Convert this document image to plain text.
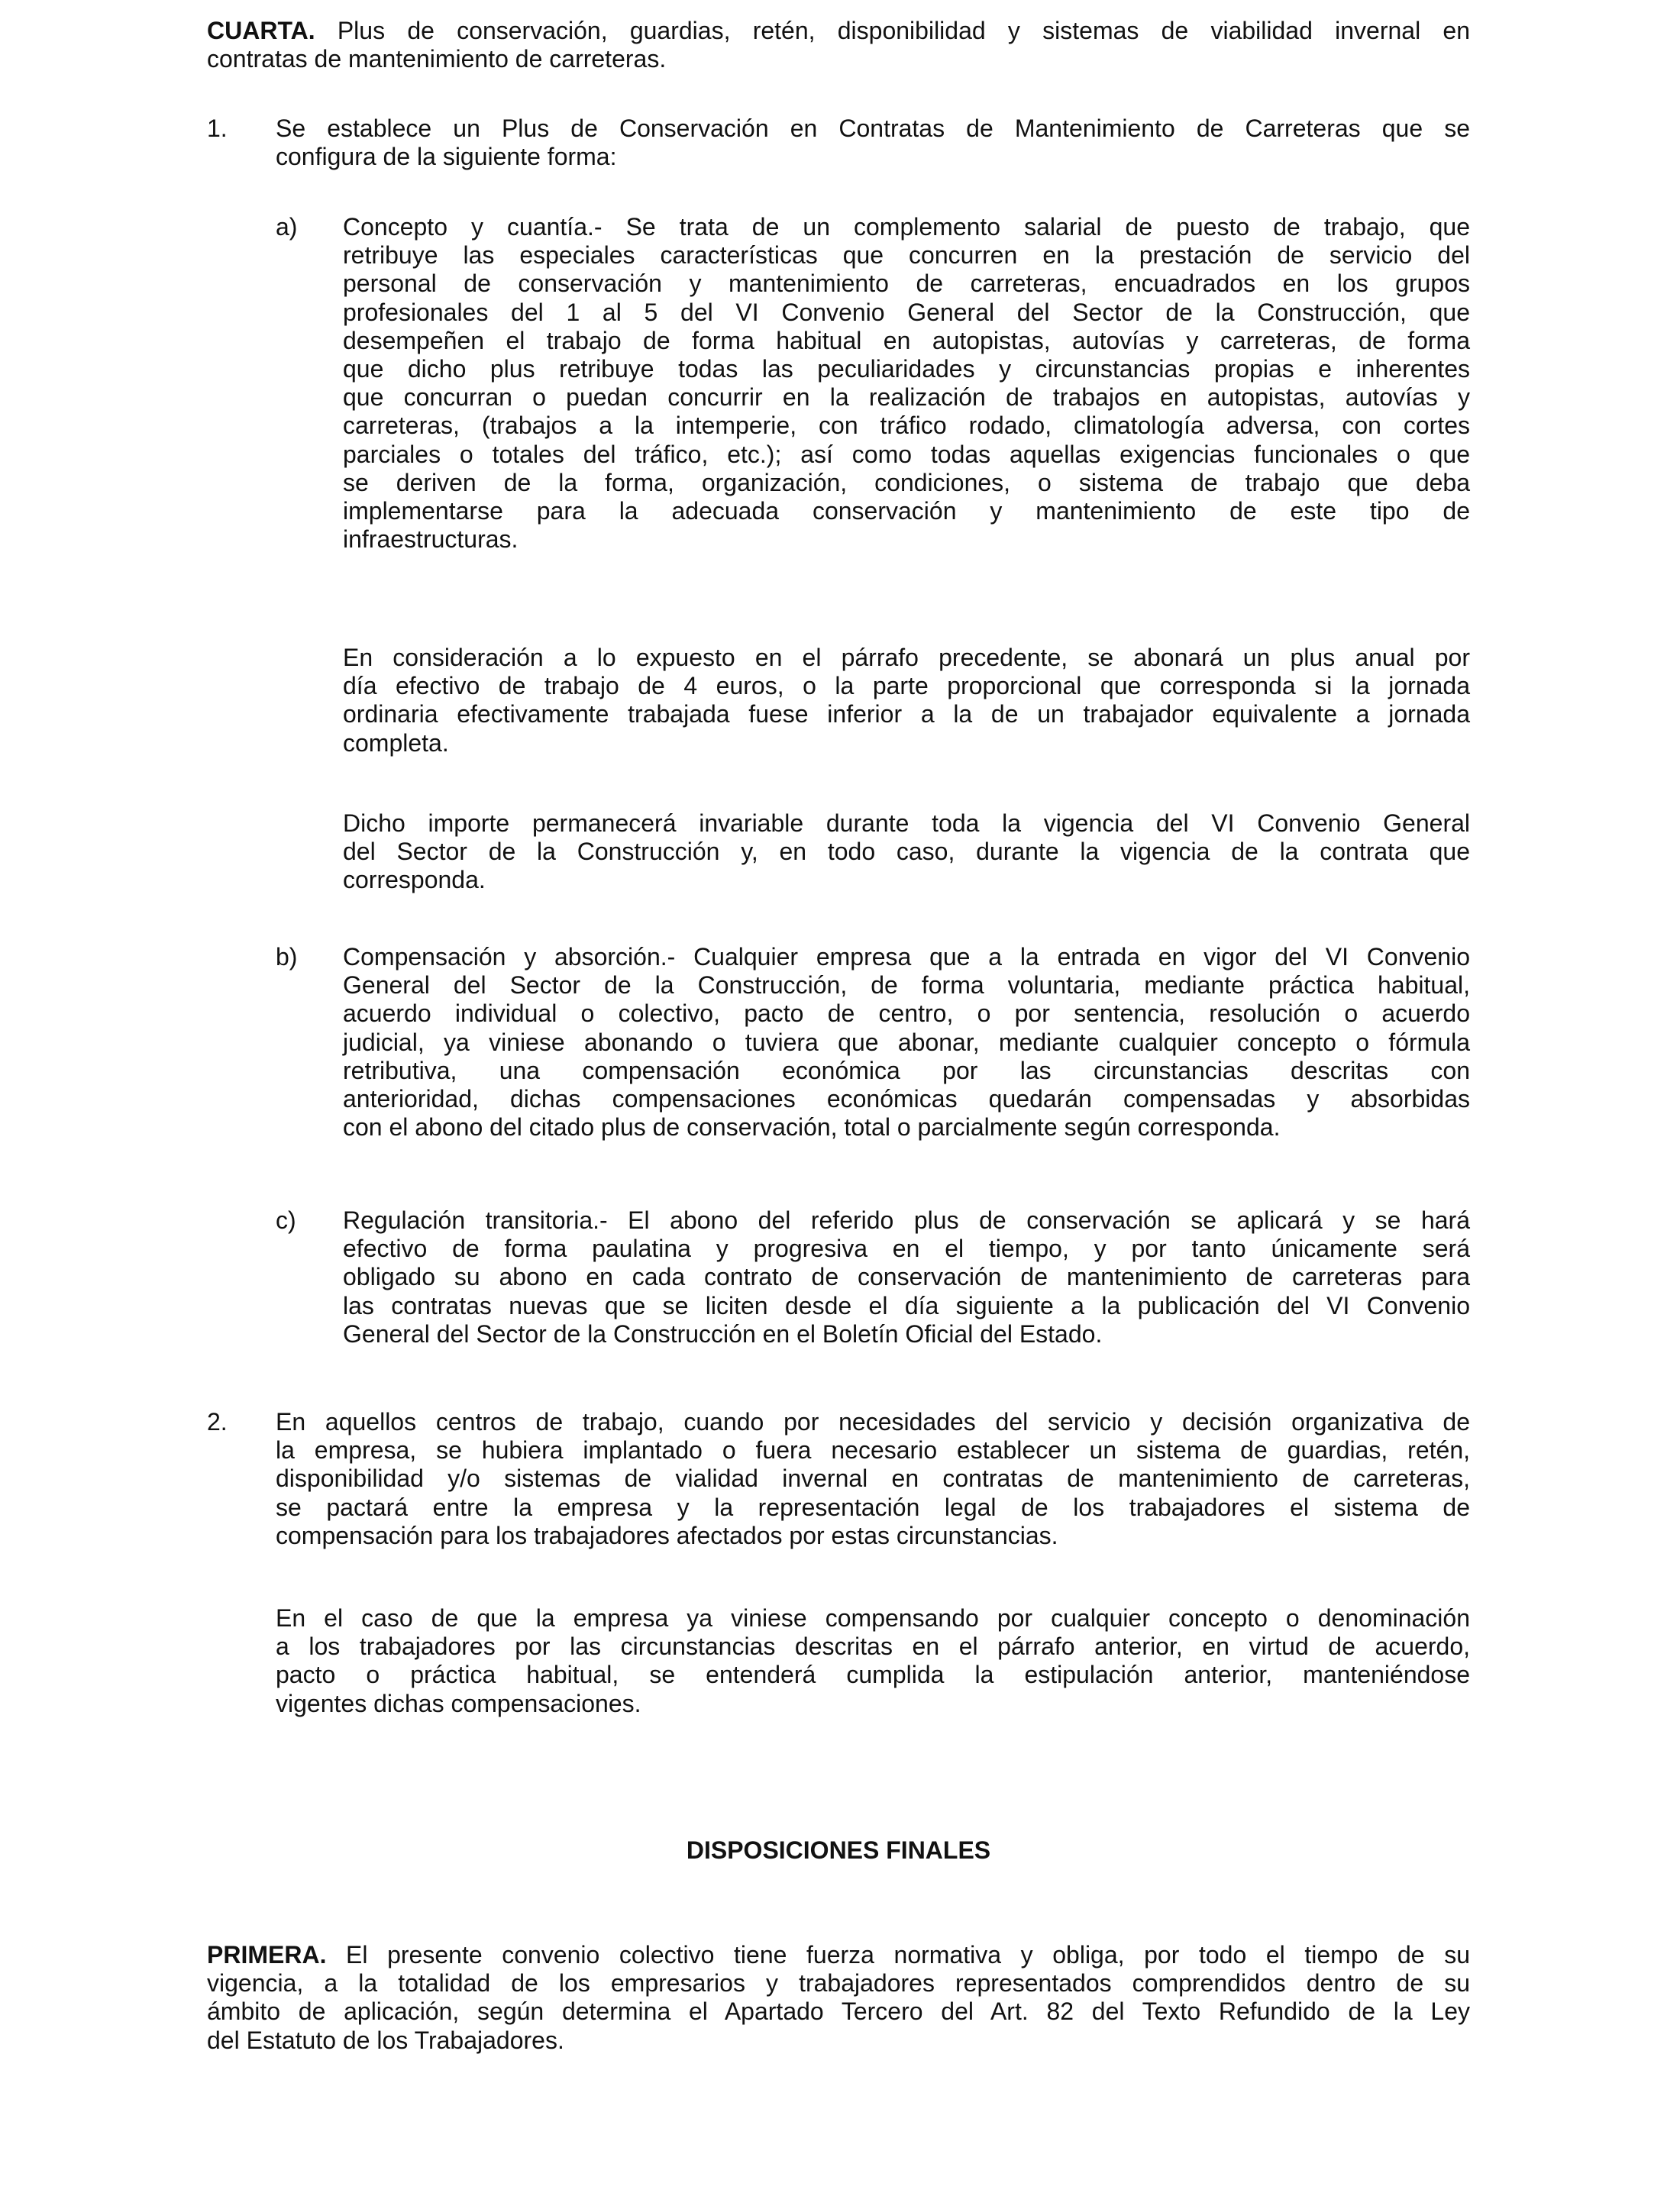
CUARTA. Plus de conservación, guardias, retén, disponibilidad y sistemas de viabilidad invernal en
contratas de mantenimiento de carreteras.
1. Se establece un Plus de Conservación en Contratas de Mantenimiento de Carreteras que se
configura de la siguiente forma:
a) Concepto y cuantía.- Se trata de un complemento salarial de puesto de trabajo, que
retribuye las especiales características que concurren en la prestación de servicio del
personal de conservación y mantenimiento de carreteras, encuadrados en los grupos
profesionales del 1 al 5 del VI Convenio General del Sector de la Construcción, que
desempeñen el trabajo de forma habitual en autopistas, autovías y carreteras, de forma
que dicho plus retribuye todas las peculiaridades y circunstancias propias e inherentes
que concurran o puedan concurrir en la realización de trabajos en autopistas, autovías y
carreteras, (trabajos a la intemperie, con tráfico rodado, climatología adversa, con cortes
parciales o totales del tráfico, etc.); así como todas aquellas exigencias funcionales o que
se deriven de la forma, organización, condiciones, o sistema de trabajo que deba
implementarse para la adecuada conservación y mantenimiento de este tipo de
infraestructuras.
En consideración a lo expuesto en el párrafo precedente, se abonará un plus anual por
día efectivo de trabajo de 4 euros, o la parte proporcional que corresponda si la jornada
ordinaria efectivamente trabajada fuese inferior a la de un trabajador equivalente a jornada
completa.
Dicho importe permanecerá invariable durante toda la vigencia del VI Convenio General
del Sector de la Construcción y, en todo caso, durante la vigencia de la contrata que
corresponda.
b) Compensación y absorción.- Cualquier empresa que a la entrada en vigor del VI Convenio
General del Sector de la Construcción, de forma voluntaria, mediante práctica habitual,
acuerdo individual o colectivo, pacto de centro, o por sentencia, resolución o acuerdo
judicial, ya viniese abonando o tuviera que abonar, mediante cualquier concepto o fórmula
retributiva, una compensación económica por las circunstancias descritas con
anterioridad, dichas compensaciones económicas quedarán compensadas y absorbidas
con el abono del citado plus de conservación, total o parcialmente según corresponda.
c) Regulación transitoria.- El abono del referido plus de conservación se aplicará y se hará
efectivo de forma paulatina y progresiva en el tiempo, y por tanto únicamente será
obligado su abono en cada contrato de conservación de mantenimiento de carreteras para
las contratas nuevas que se liciten desde el día siguiente a la publicación del VI Convenio
General del Sector de la Construcción en el Boletín Oficial del Estado.
2. En aquellos centros de trabajo, cuando por necesidades del servicio y decisión organizativa de
la empresa, se hubiera implantado o fuera necesario establecer un sistema de guardias, retén,
disponibilidad y/o sistemas de vialidad invernal en contratas de mantenimiento de carreteras,
se pactará entre la empresa y la representación legal de los trabajadores el sistema de
compensación para los trabajadores afectados por estas circunstancias.
En el caso de que la empresa ya viniese compensando por cualquier concepto o denominación
a los trabajadores por las circunstancias descritas en el párrafo anterior, en virtud de acuerdo,
pacto o práctica habitual, se entenderá cumplida la estipulación anterior, manteniéndose
vigentes dichas compensaciones.
DISPOSICIONES FINALES
PRIMERA. El presente convenio colectivo tiene fuerza normativa y obliga, por todo el tiempo de su
vigencia, a la totalidad de los empresarios y trabajadores representados comprendidos dentro de su
ámbito de aplicación, según determina el Apartado Tercero del Art. 82 del Texto Refundido de la Ley
del Estatuto de los Trabajadores.
